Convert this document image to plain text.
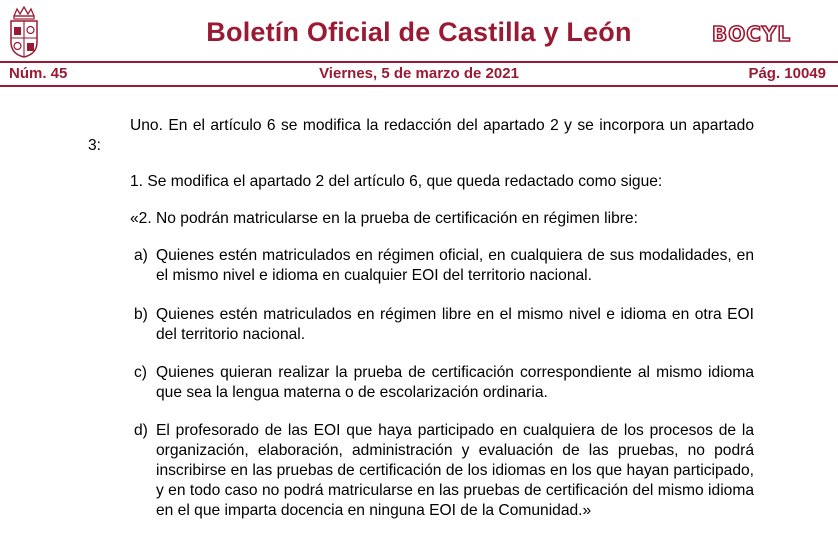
Boletín Oficial de Castilla y León	BOCYL
Núm. 45	Viernes, 5 de marzo de 2021	Pág. 10049

Uno. En el artículo 6 se modifica la redacción del apartado 2 y se incorpora un apartado 3:

1. Se modifica el apartado 2 del artículo 6, que queda redactado como sigue:

«2. No podrán matricularse en la prueba de certificación en régimen libre:

a) Quienes estén matriculados en régimen oficial, en cualquiera de sus modalidades, en el mismo nivel e idioma en cualquier EOI del territorio nacional.
b) Quienes estén matriculados en régimen libre en el mismo nivel e idioma en otra EOI del territorio nacional.
c) Quienes quieran realizar la prueba de certificación correspondiente al mismo idioma que sea la lengua materna o de escolarización ordinaria.
d) El profesorado de las EOI que haya participado en cualquiera de los procesos de la organización, elaboración, administración y evaluación de las pruebas, no podrá inscribirse en las pruebas de certificación de los idiomas en los que hayan participado, y en todo caso no podrá matricularse en las pruebas de certificación del mismo idioma en el que imparta docencia en ninguna EOI de la Comunidad.»
